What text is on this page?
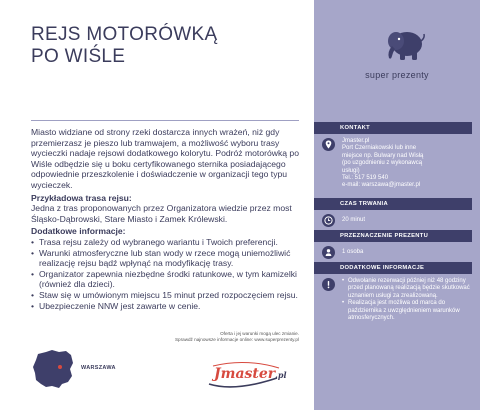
REJS MOTORÓWKĄ
PO WIŚLE

Miasto widziane od strony rzeki dostarcza innych wrażeń, niż gdy przemierzasz je pieszo lub tramwajem, a możliwość wyboru trasy wycieczki nadaje rejsowi dodatkowego kolorytu. Podróż motorówką po Wiśle odbędzie się u boku certyfikowanego sternika posiadającego odpowiednie przeszkolenie i doświadczenie w organizacji tego typu wycieczek.

Przykładowa trasa rejsu:

Jedna z tras proponowanych przez Organizatora wiedzie przez most Śląsko-Dąbrowski, Stare Miasto i Zamek Królewski.

Dodatkowe informacje:

• Trasa rejsu zależy od wybranego wariantu i Twoich preferencji.
• Warunki atmosferyczne lub stan wody w rzece mogą uniemożliwić realizację rejsu bądź wpłynąć na modyfikację trasy.
• Organizator zapewnia niezbędne środki ratunkowe, w tym kamizelki (również dla dzieci).
• Staw się w umówionym miejscu 15 minut przed rozpoczęciem rejsu.
• Ubezpieczenie NNW jest zawarte w cenie.
Oferta i jej warunki mogą ulec zmianie.
Sprawdź najnowsze informacje online: www.superprezenty.pl
WARSZAWA	Jmaster.pl
super prezenty
KONTAKT
Jmaster.pl
Port Czerniakowski lub inne
miejsce np. Bulwary nad Wisłą
(po uzgodnieniu z wykonawcą
usługi)
Tel.: 517 519 540
e-mail: warszawa@jmaster.pl
CZAS TRWANIA
20 minut
PRZEZNACZENIE PREZENTU
1 osoba
DODATKOWE INFORMACJE
• Odwołanie rezerwacji później niż 48 godziny przed planowaną realizacją będzie skutkować uznaniem usługi za zrealizowaną.
• Realizacja jest możliwa od marca do października z uwzględnieniem warunków atmosferycznych.
